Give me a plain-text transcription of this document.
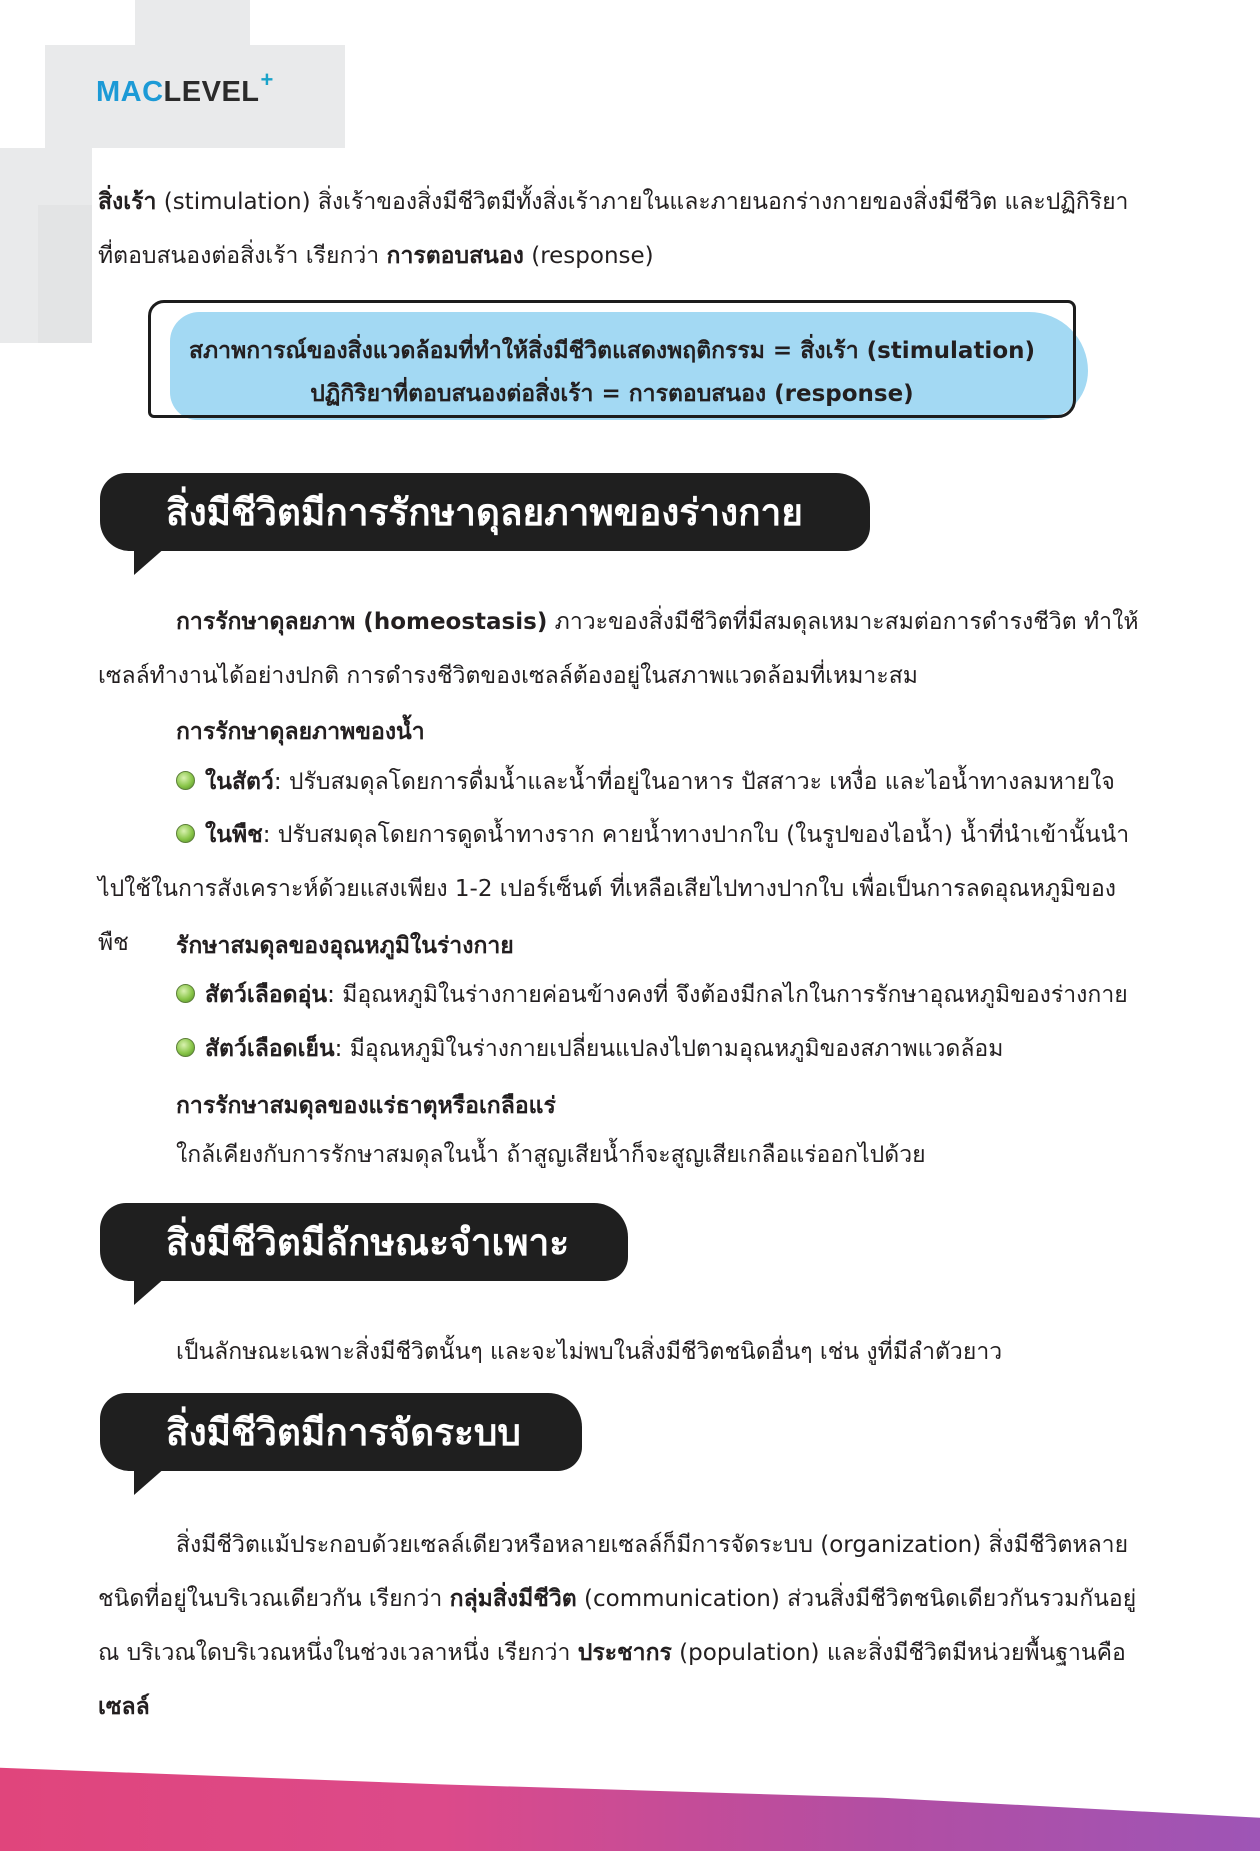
MACLEVEL+

สิ่งเร้า (stimulation) สิ่งเร้าของสิ่งมีชีวิตมีทั้งสิ่งเร้าภายในและภายนอกร่างกายของสิ่งมีชีวิต และปฏิกิริยาที่ตอบสนองต่อสิ่งเร้า เรียกว่า การตอบสนอง (response)

สภาพการณ์ของสิ่งแวดล้อมที่ทำให้สิ่งมีชีวิตแสดงพฤติกรรม = สิ่งเร้า (stimulation)
ปฏิกิริยาที่ตอบสนองต่อสิ่งเร้า = การตอบสนอง (response)
สิ่งมีชีวิตมีการรักษาดุลยภาพของร่างกาย

การรักษาดุลยภาพ (homeostasis) ภาวะของสิ่งมีชีวิตที่มีสมดุลเหมาะสมต่อการดำรงชีวิต ทำให้เซลล์ทำงานได้อย่างปกติ การดำรงชีวิตของเซลล์ต้องอยู่ในสภาพแวดล้อมที่เหมาะสม

การรักษาดุลยภาพของน้ำ

ในสัตว์: ปรับสมดุลโดยการดื่มน้ำและน้ำที่อยู่ในอาหาร ปัสสาวะ เหงื่อ และไอน้ำทางลมหายใจ

ในพืช: ปรับสมดุลโดยการดูดน้ำทางราก คายน้ำทางปากใบ (ในรูปของไอน้ำ) น้ำที่นำเข้านั้นนำไปใช้ในการสังเคราะห์ด้วยแสงเพียง 1-2 เปอร์เซ็นต์ ที่เหลือเสียไปทางปากใบ เพื่อเป็นการลดอุณหภูมิของพืช	รักษาสมดุลของอุณหภูมิในร่างกาย

สัตว์เลือดอุ่น: มีอุณหภูมิในร่างกายค่อนข้างคงที่ จึงต้องมีกลไกในการรักษาอุณหภูมิของร่างกาย

สัตว์เลือดเย็น: มีอุณหภูมิในร่างกายเปลี่ยนแปลงไปตามอุณหภูมิของสภาพแวดล้อม

การรักษาสมดุลของแร่ธาตุหรือเกลือแร่

ใกล้เคียงกับการรักษาสมดุลในน้ำ ถ้าสูญเสียน้ำก็จะสูญเสียเกลือแร่ออกไปด้วย

สิ่งมีชีวิตมีลักษณะจำเพาะ

เป็นลักษณะเฉพาะสิ่งมีชีวิตนั้นๆ และจะไม่พบในสิ่งมีชีวิตชนิดอื่นๆ เช่น งูที่มีลำตัวยาว

สิ่งมีชีวิตมีการจัดระบบ

สิ่งมีชีวิตแม้ประกอบด้วยเซลล์เดียวหรือหลายเซลล์ก็มีการจัดระบบ (organization) สิ่งมีชีวิตหลายชนิดที่อยู่ในบริเวณเดียวกัน เรียกว่า กลุ่มสิ่งมีชีวิต (communication) ส่วนสิ่งมีชีวิตชนิดเดียวกันรวมกันอยู่ ณ บริเวณใดบริเวณหนึ่งในช่วงเวลาหนึ่ง เรียกว่า ประชากร (population) และสิ่งมีชีวิตมีหน่วยพื้นฐานคือ เซลล์
